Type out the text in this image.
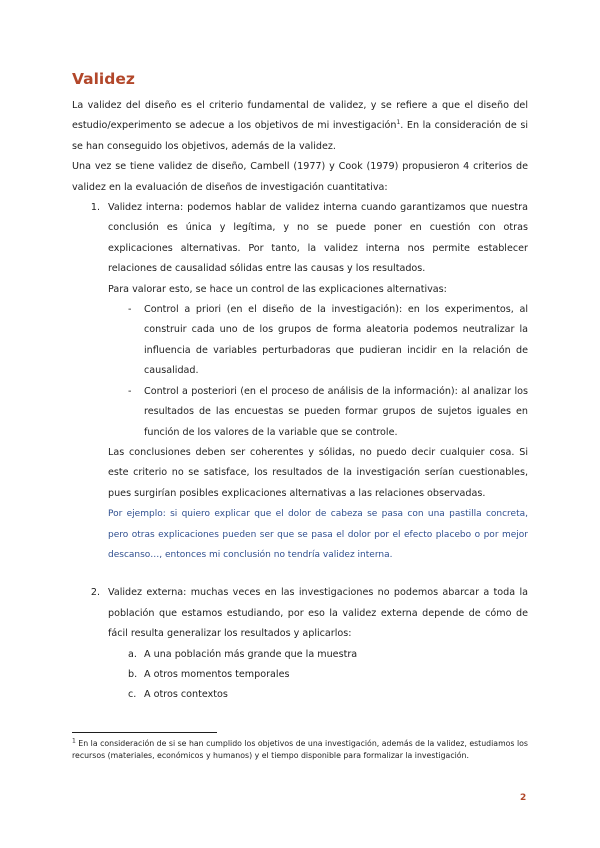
Validez

La validez del diseño es el criterio fundamental de validez, y se refiere a que el diseño del estudio/experimento se adecue a los objetivos de mi investigación$^1$. En la consideración de si se han conseguido los objetivos, además de la validez.

Una vez se tiene validez de diseño, Cambell (1977) y Cook (1979) propusieron 4 criterios de validez en la evaluación de diseños de investigación cuantitativa:

1. Validez interna: podemos hablar de validez interna cuando garantizamos que nuestra conclusión es única y legítima, y no se puede poner en cuestión con otras explicaciones alternativas. Por tanto, la validez interna nos permite establecer relaciones de causalidad sólidas entre las causas y los resultados.

Para valorar esto, se hace un control de las explicaciones alternativas:

-	Control a priori (en el diseño de la investigación): en los experimentos, al construir cada uno de los grupos de forma aleatoria podemos neutralizar la influencia de variables perturbadoras que pudieran incidir en la relación de causalidad.
-	Control a posteriori (en el proceso de análisis de la información): al analizar los resultados de las encuestas se pueden formar grupos de sujetos iguales en función de los valores de la variable que se controle.

Las conclusiones deben ser coherentes y sólidas, no puedo decir cualquier cosa. Si este criterio no se satisface, los resultados de la investigación serían cuestionables, pues surgirían posibles explicaciones alternativas a las relaciones observadas.

Por ejemplo: si quiero explicar que el dolor de cabeza se pasa con una pastilla concreta, pero otras explicaciones pueden ser que se pasa el dolor por el efecto placebo o por mejor descanso…, entonces mi conclusión no tendría validez interna.

2. Validez externa: muchas veces en las investigaciones no podemos abarcar a toda la población que estamos estudiando, por eso la validez externa depende de cómo de fácil resulta generalizar los resultados y aplicarlos:
a. A una población más grande que la muestra
b. A otros momentos temporales
c. A otros contextos
$^1$ En la consideración de si se han cumplido los objetivos de una investigación, además de la validez, estudiamos los recursos (materiales, económicos y humanos) y el tiempo disponible para formalizar la investigación.
2
